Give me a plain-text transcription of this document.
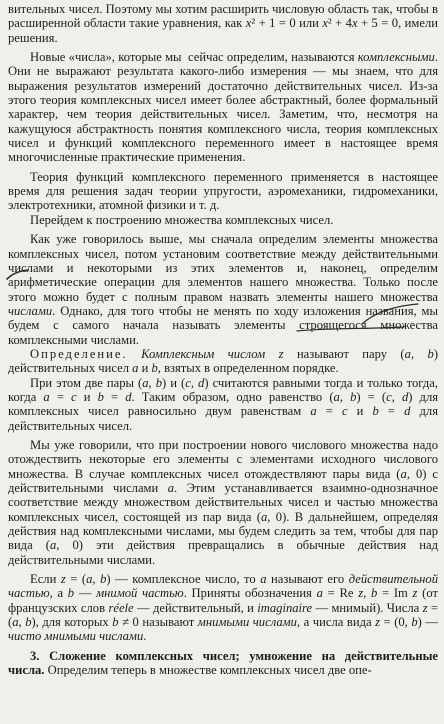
вительных чисел. Поэтому мы хотим расширить числовую область так, чтобы в расширенной области такие уравнения, как x² + 1 = 0 или x² + 4x + 5 = 0, имели решения.

Новые «числа», которые мы  сейчас определим, называются комплексными. Они не выражают результата какого-либо измерения — мы знаем, что для выражения результатов измерений достаточно действительных чисел. Из-за этого теория комплексных чисел имеет более абстрактный, более формальный характер, чем теория действительных чисел. Заметим, что, несмотря на кажущуюся абстрактность понятия комплексного числа, теория комплексных чисел и функций комплексного переменного имеет в настоящее время многочисленные практические применения.

Теория функций комплексного переменного применяется в настоящее время для решения задач теории упругости, аэромеханики, гидромеханики, электротехники, атомной физики и т. д.

Перейдем к построению множества комплексных чисел.

Как уже говорилось выше, мы сначала определим элементы множества комплексных чисел, потом установим соответствие между действительными числами и некоторыми из этих элементов и, наконец, определим арифметические операции для элементов нашего множества. Только после этого можно будет с полным правом назвать элементы нашего множества числами. Однако, для того чтобы не менять по ходу изложения названия, мы будем с самого начала называть элементы строящегося множества комплексными числами.

Определение. Комплексным числом z называют пару (a, b) действительных чисел a и b, взятых в определенном порядке.

При этом две пары (a, b) и (c, d) считаются равными тогда и только тогда, когда a = c и b = d. Таким образом, одно равенство (a, b) = (c, d) для комплексных чисел равносильно двум равенствам a = c и b = d для действительных чисел.

Мы уже говорили, что при построении нового числового множества надо отождествить некоторые его элементы с элементами исходного числового множества. В случае комплексных чисел отождествляют пары вида (a, 0) с действительными числами a. Этим устанавливается взаимно-однозначное соответствие между множеством действительных чисел и частью множества комплексных чисел, состоящей из пар вида (a, 0). В дальнейшем, определяя действия над комплексными числами, мы будем следить за тем, чтобы для пар вида (a, 0) эти действия превращались в обычные действия над действительными числами.

Если z = (a, b) — комплексное число, то a называют его действительной частью, а b — мнимой частью. Приняты обозначения a = Re z, b = Im z (от французских слов réele — действительный, и imaginaire — мнимый). Числа z = (a, b), для которых b ≠ 0 называют мнимыми числами, а числа вида z = (0, b) — чисто мнимыми числами.

3. Сложение комплексных чисел; умножение на действительные числа. Определим теперь в множестве комплексных чисел две опе-
